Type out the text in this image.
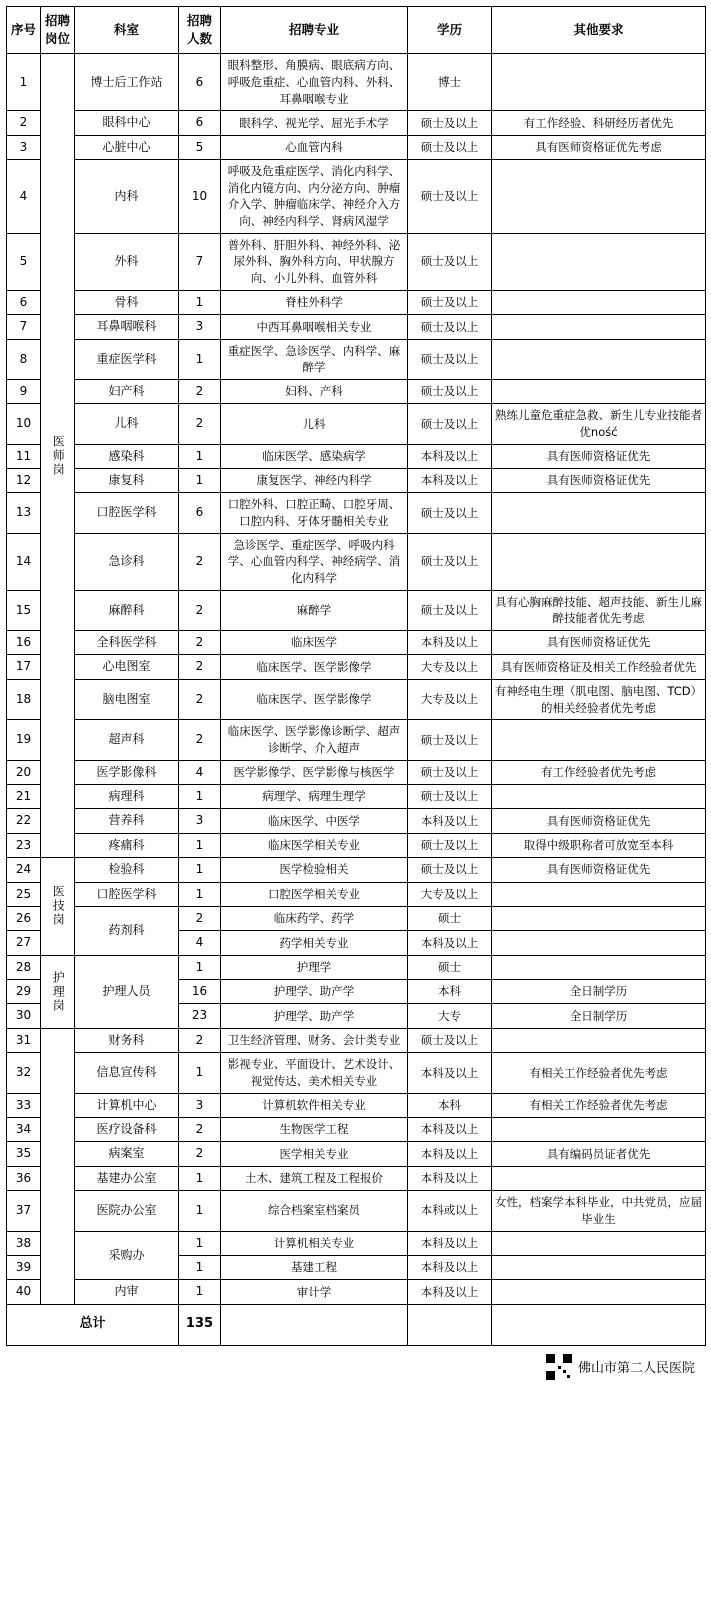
序号	招聘岗位	科室	招聘人数	招聘专业	学历	其他要求
1	医师岗	博士后工作站	6	眼科整形、角膜病、眼底病方向、呼吸危重症、心血管内科、外科、耳鼻咽喉专业	博士	
2		眼科中心	6	眼科学、视光学、屈光手术学	硕士及以上	有工作经验、科研经历者优先
3		心脏中心	5	心血管内科	硕士及以上	具有医师资格证优先考虑
4		内科	10	呼吸及危重症医学、消化内科学、消化内镜方向、内分泌方向、肿瘤介入学、肿瘤临床学、神经介入方向、神经内科学、肾病风湿学	硕士及以上	
5		外科	7	普外科、肝胆外科、神经外科、泌尿外科、胸外科方向、甲状腺方向、小儿外科、血管外科	硕士及以上	
6		骨科	1	脊柱外科学	硕士及以上	
7		耳鼻咽喉科	3	中西耳鼻咽喉相关专业	硕士及以上	
8		重症医学科	1	重症医学、急诊医学、内科学、麻醉学	硕士及以上	
9		妇产科	2	妇科、产科	硕士及以上	
10		儿科	2	儿科	硕士及以上	熟练儿童危重症急救、新生儿专业技能者优ność
11		感染科	1	临床医学、感染病学	本科及以上	具有医师资格证优先
12		康复科	1	康复医学、神经内科学	本科及以上	具有医师资格证优先
13		口腔医学科	6	口腔外科、口腔正畸、口腔牙周、口腔内科、牙体牙髓相关专业	硕士及以上	
14		急诊科	2	急诊医学、重症医学、呼吸内科学、心血管内科学、神经病学、消化内科学	硕士及以上	
15		麻醉科	2	麻醉学	硕士及以上	具有心胸麻醉技能、超声技能、新生儿麻醉技能者优先考虑
16		全科医学科	2	临床医学	本科及以上	具有医师资格证优先
17		心电图室	2	临床医学、医学影像学	大专及以上	具有医师资格证及相关工作经验者优先
18		脑电图室	2	临床医学、医学影像学	大专及以上	有神经电生理（肌电图、脑电图、TCD）的相关经验者优先考虑
19		超声科	2	临床医学、医学影像诊断学、超声诊断学、介入超声	硕士及以上	
20		医学影像科	4	医学影像学、医学影像与核医学	硕士及以上	有工作经验者优先考虑
21		病理科	1	病理学、病理生理学	硕士及以上	
22		营养科	3	临床医学、中医学	本科及以上	具有医师资格证优先
23		疼痛科	1	临床医学相关专业	硕士及以上	取得中级职称者可放宽至本科
24	医技岗	检验科	1	医学检验相关	硕士及以上	具有医师资格证优先
25		口腔医学科	1	口腔医学相关专业	大专及以上	
26		药剂科	2	临床药学、药学	硕士	
27			4	药学相关专业	本科及以上	
28	护理岗	护理人员	1	护理学	硕士	
29			16	护理学、助产学	本科	全日制学历
30			23	护理学、助产学	大专	全日制学历
31		财务科	2	卫生经济管理、财务、会计类专业	硕士及以上	
32		信息宣传科	1	影视专业、平面设计、艺术设计、视觉传达、美术相关专业	本科及以上	有相关工作经验者优先考虑
33		计算机中心	3	计算机软件相关专业	本科	有相关工作经验者优先考虑
34		医疗设备科	2	生物医学工程	本科及以上	
35		病案室	2	医学相关专业	本科及以上	具有编码员证者优先
36		基建办公室	1	土木、建筑工程及工程报价	本科及以上	
37		医院办公室	1	综合档案室档案员	本科或以上	女性，档案学本科毕业，中共党员，应届毕业生
38		采购办	1	计算机相关专业	本科及以上	
39			1	基建工程	本科及以上	
40		内审	1	审计学	本科及以上	
总计			135			
佛山市第二人民医院
